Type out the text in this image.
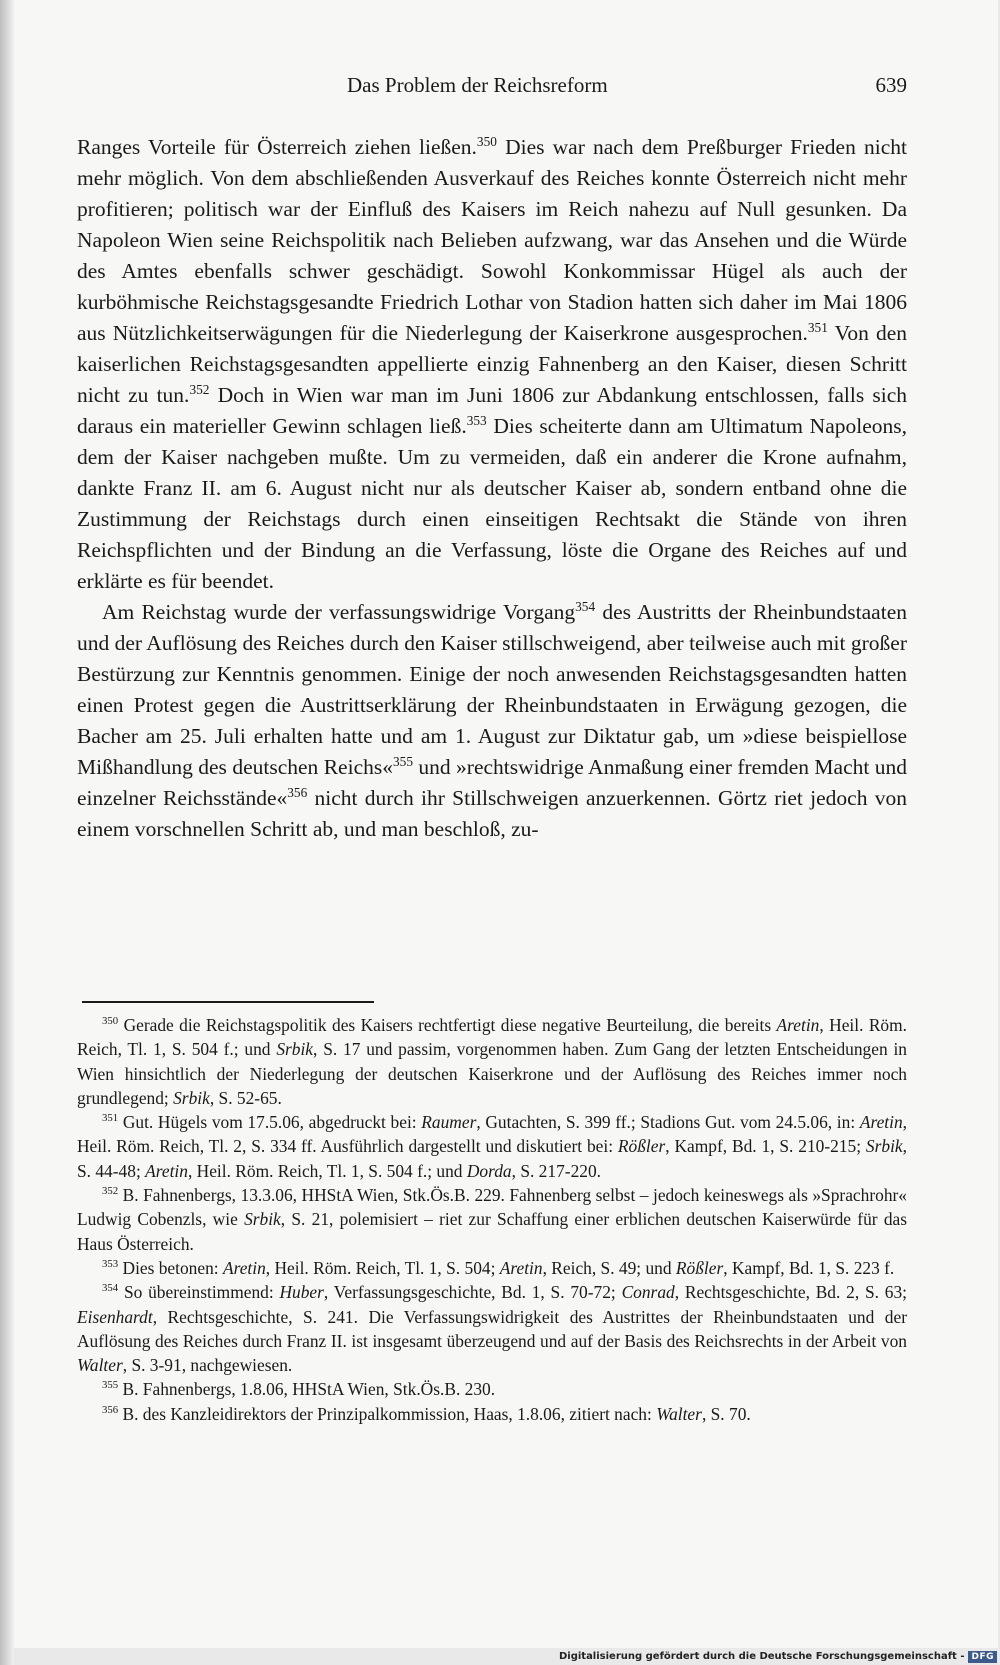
Das Problem der Reichsreform	639

Ranges Vorteile für Österreich ziehen ließen.$^{350}$ Dies war nach dem Preßburger Frieden nicht mehr möglich. Von dem abschließenden Ausverkauf des Reiches konnte Österreich nicht mehr profitieren; politisch war der Einfluß des Kaisers im Reich nahezu auf Null gesunken. Da Napoleon Wien seine Reichspolitik nach Belieben aufzwang, war das Ansehen und die Würde des Amtes ebenfalls schwer geschädigt. Sowohl Konkommissar Hügel als auch der kurböhmische Reichstagsgesandte Friedrich Lothar von Stadion hatten sich daher im Mai 1806 aus Nützlichkeitserwägungen für die Niederlegung der Kaiserkrone ausgesprochen.$^{351}$ Von den kaiserlichen Reichstagsgesandten appellierte einzig Fahnenberg an den Kaiser, diesen Schritt nicht zu tun.$^{352}$ Doch in Wien war man im Juni 1806 zur Abdankung entschlossen, falls sich daraus ein materieller Gewinn schlagen ließ.$^{353}$ Dies scheiterte dann am Ultimatum Napoleons, dem der Kaiser nachgeben mußte. Um zu vermeiden, daß ein anderer die Krone aufnahm, dankte Franz II. am 6. August nicht nur als deutscher Kaiser ab, sondern entband ohne die Zustimmung der Reichstags durch einen einseitigen Rechtsakt die Stände von ihren Reichspflichten und der Bindung an die Verfassung, löste die Organe des Reiches auf und erklärte es für beendet.

Am Reichstag wurde der verfassungswidrige Vorgang$^{354}$ des Austritts der Rheinbundstaaten und der Auflösung des Reiches durch den Kaiser stillschweigend, aber teilweise auch mit großer Bestürzung zur Kenntnis genommen. Einige der noch anwesenden Reichstagsgesandten hatten einen Protest gegen die Austrittserklärung der Rheinbundstaaten in Erwägung gezogen, die Bacher am 25. Juli erhalten hatte und am 1. August zur Diktatur gab, um »diese beispiellose Mißhandlung des deutschen Reichs«$^{355}$ und »rechtswidrige Anmaßung einer fremden Macht und einzelner Reichsstände«$^{356}$ nicht durch ihr Stillschweigen anzuerkennen. Görtz riet jedoch von einem vorschnellen Schritt ab, und man beschloß, zu-

$^{350}$ Gerade die Reichstagspolitik des Kaisers rechtfertigt diese negative Beurteilung, die bereits Aretin, Heil. Röm. Reich, Tl. 1, S. 504 f.; und Srbik, S. 17 und passim, vorgenommen haben. Zum Gang der letzten Entscheidungen in Wien hinsichtlich der Niederlegung der deutschen Kaiserkrone und der Auflösung des Reiches immer noch grundlegend; Srbik, S. 52-65.

$^{351}$ Gut. Hügels vom 17.5.06, abgedruckt bei: Raumer, Gutachten, S. 399 ff.; Stadions Gut. vom 24.5.06, in: Aretin, Heil. Röm. Reich, Tl. 2, S. 334 ff. Ausführlich dargestellt und diskutiert bei: Rößler, Kampf, Bd. 1, S. 210-215; Srbik, S. 44-48; Aretin, Heil. Röm. Reich, Tl. 1, S. 504 f.; und Dorda, S. 217-220.

$^{352}$ B. Fahnenbergs, 13.3.06, HHStA Wien, Stk.Ös.B. 229. Fahnenberg selbst – jedoch keineswegs als »Sprachrohr« Ludwig Cobenzls, wie Srbik, S. 21, polemisiert – riet zur Schaffung einer erblichen deutschen Kaiserwürde für das Haus Österreich.

$^{353}$ Dies betonen: Aretin, Heil. Röm. Reich, Tl. 1, S. 504; Aretin, Reich, S. 49; und Rößler, Kampf, Bd. 1, S. 223 f.

$^{354}$ So übereinstimmend: Huber, Verfassungsgeschichte, Bd. 1, S. 70-72; Conrad, Rechtsgeschichte, Bd. 2, S. 63; Eisenhardt, Rechtsgeschichte, S. 241. Die Verfassungswidrigkeit des Austrittes der Rheinbundstaaten und der Auflösung des Reiches durch Franz II. ist insgesamt überzeugend und auf der Basis des Reichsrechts in der Arbeit von Walter, S. 3-91, nachgewiesen.

$^{355}$ B. Fahnenbergs, 1.8.06, HHStA Wien, Stk.Ös.B. 230.

$^{356}$ B. des Kanzleidirektors der Prinzipalkommission, Haas, 1.8.06, zitiert nach: Walter, S. 70.

Digitalisierung gefördert durch die Deutsche Forschungsgemeinschaft - DFG
